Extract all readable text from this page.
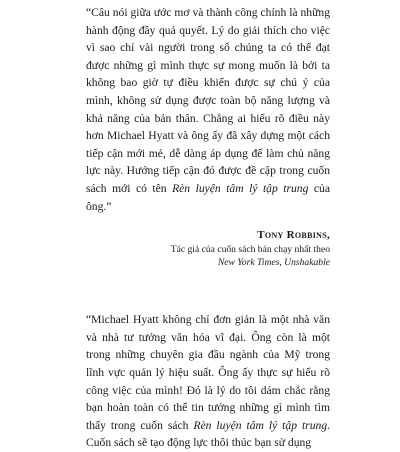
“Câu nói giữa ước mơ và thành công chính là những hành động đầy quả quyết. Lý do giải thích cho việc vì sao chỉ vài người trong số chúng ta có thể đạt được những gì mình thực sự mong muốn là bởi ta không bao giờ tự điều khiển được sự chú ý của mình, không sử dụng được toàn bộ năng lượng và khả năng của bản thân. Chẳng ai hiểu rõ điều này hơn Michael Hyatt và ông ấy đã xây dựng một cách tiếp cận mới mẻ, dễ dàng áp dụng để làm chủ năng lực này. Hướng tiếp cận đó được đề cập trong cuốn sách mới có tên Rèn luyện tâm lý tập trung của ông.”

Tony Robbins,
Tác giả của cuốn sách bán chạy nhất theo
New York Times, Unshakable

“Michael Hyatt không chỉ đơn giản là một nhà văn và nhà tư tưởng văn hóa vĩ đại. Ông còn là một trong những chuyên gia đầu ngành của Mỹ trong lĩnh vực quản lý hiệu suất. Ông ấy thực sự hiểu rõ công việc của mình! Đó là lý do tôi dám chắc rằng bạn hoàn toàn có thể tin tưởng những gì mình tìm thấy trong cuốn sách Rèn luyện tâm lý tập trung. Cuốn sách sẽ tạo động lực thôi thúc bạn sử dụng
